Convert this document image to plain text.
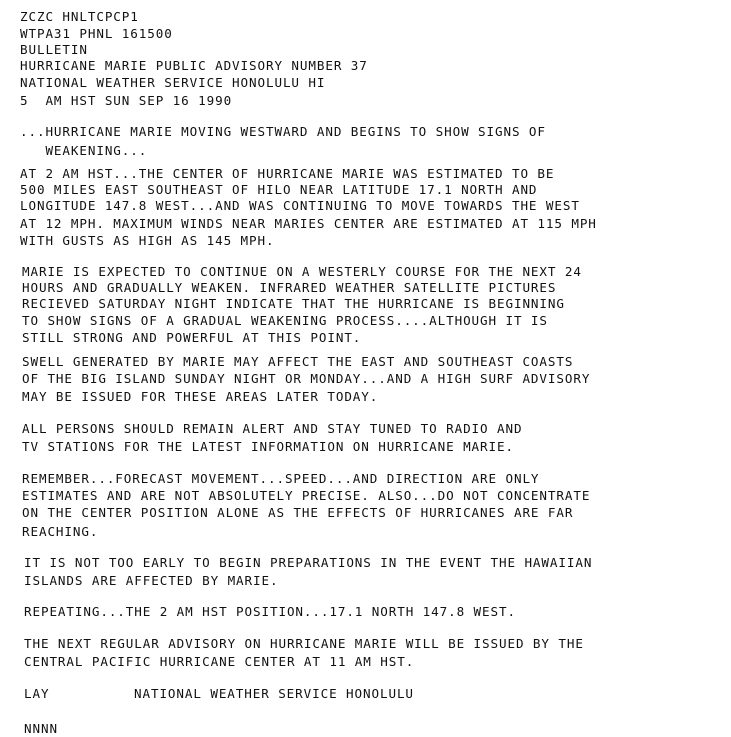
ZCZC HNLTCPCP1
WTPA31 PHNL 161500
BULLETIN
HURRICANE MARIE PUBLIC ADVISORY NUMBER 37
NATIONAL WEATHER SERVICE HONOLULU HI
5  AM HST SUN SEP 16 1990
...HURRICANE MARIE MOVING WESTWARD AND BEGINS TO SHOW SIGNS OF
WEAKENING...
AT 2 AM HST...THE CENTER OF HURRICANE MARIE WAS ESTIMATED TO BE
500 MILES EAST SOUTHEAST OF HILO NEAR LATITUDE 17.1 NORTH AND
LONGITUDE 147.8 WEST...AND WAS CONTINUING TO MOVE TOWARDS THE WEST
AT 12 MPH. MAXIMUM WINDS NEAR MARIES CENTER ARE ESTIMATED AT 115 MPH
WITH GUSTS AS HIGH AS 145 MPH.
MARIE IS EXPECTED TO CONTINUE ON A WESTERLY COURSE FOR THE NEXT 24
HOURS AND GRADUALLY WEAKEN. INFRARED WEATHER SATELLITE PICTURES
RECIEVED SATURDAY NIGHT INDICATE THAT THE HURRICANE IS BEGINNING
TO SHOW SIGNS OF A GRADUAL WEAKENING PROCESS....ALTHOUGH IT IS
STILL STRONG AND POWERFUL AT THIS POINT.
SWELL GENERATED BY MARIE MAY AFFECT THE EAST AND SOUTHEAST COASTS
OF THE BIG ISLAND SUNDAY NIGHT OR MONDAY...AND A HIGH SURF ADVISORY
MAY BE ISSUED FOR THESE AREAS LATER TODAY.
ALL PERSONS SHOULD REMAIN ALERT AND STAY TUNED TO RADIO AND
TV STATIONS FOR THE LATEST INFORMATION ON HURRICANE MARIE.
REMEMBER...FORECAST MOVEMENT...SPEED...AND DIRECTION ARE ONLY
ESTIMATES AND ARE NOT ABSOLUTELY PRECISE. ALSO...DO NOT CONCENTRATE
ON THE CENTER POSITION ALONE AS THE EFFECTS OF HURRICANES ARE FAR
REACHING.
IT IS NOT TOO EARLY TO BEGIN PREPARATIONS IN THE EVENT THE HAWAIIAN
ISLANDS ARE AFFECTED BY MARIE.
REPEATING...THE 2 AM HST POSITION...17.1 NORTH 147.8 WEST.
THE NEXT REGULAR ADVISORY ON HURRICANE MARIE WILL BE ISSUED BY THE
CENTRAL PACIFIC HURRICANE CENTER AT 11 AM HST.
LAY	NATIONAL WEATHER SERVICE HONOLULU
NNNN
